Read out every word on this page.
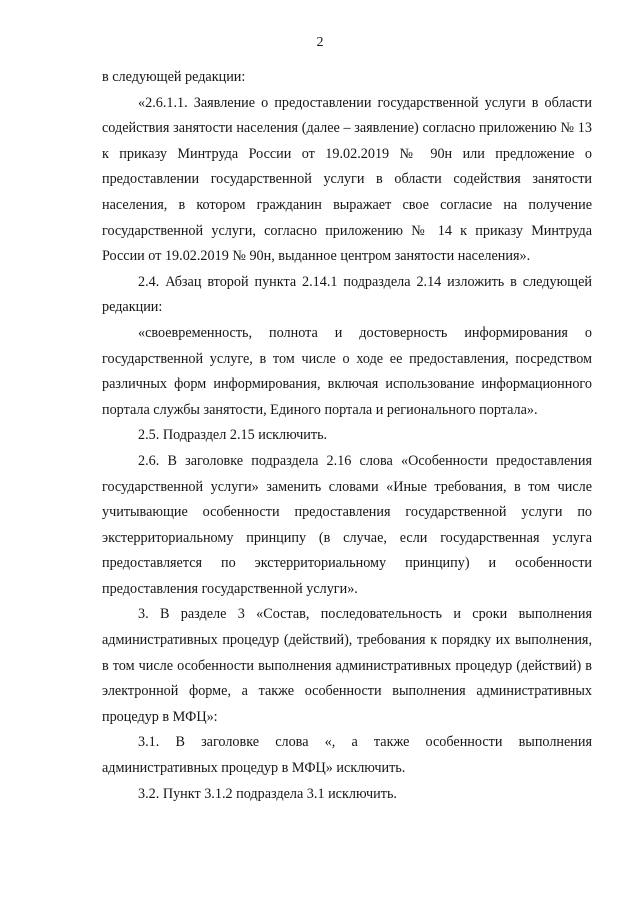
2

в следующей редакции:

«2.6.1.1. Заявление о предоставлении государственной услуги в области содействия занятости населения (далее – заявление) согласно приложению № 13 к приказу Минтруда России от 19.02.2019 № 90н или предложение о предоставлении государственной услуги в области содействия занятости населения, в котором гражданин выражает свое согласие на получение государственной услуги, согласно приложению № 14 к приказу Минтруда России от 19.02.2019 № 90н, выданное центром занятости населения».

2.4. Абзац второй пункта 2.14.1 подраздела 2.14 изложить в следующей редакции:

«своевременность, полнота и достоверность информирования о государственной услуге, в том числе о ходе ее предоставления, посредством различных форм информирования, включая использование информационного портала службы занятости, Единого портала и регионального портала».

2.5. Подраздел 2.15 исключить.

2.6. В заголовке подраздела 2.16 слова «Особенности предоставления государственной услуги» заменить словами «Иные требования, в том числе учитывающие особенности предоставления государственной услуги по экстерриториальному принципу (в случае, если государственная услуга предоставляется по экстерриториальному принципу) и особенности предоставления государственной услуги».

3. В разделе 3 «Состав, последовательность и сроки выполнения административных процедур (действий), требования к порядку их выполнения, в том числе особенности выполнения административных процедур (действий) в электронной форме, а также особенности выполнения административных процедур в МФЦ»:

3.1. В заголовке слова «, а также особенности выполнения административных процедур в МФЦ» исключить.

3.2. Пункт 3.1.2 подраздела 3.1 исключить.
